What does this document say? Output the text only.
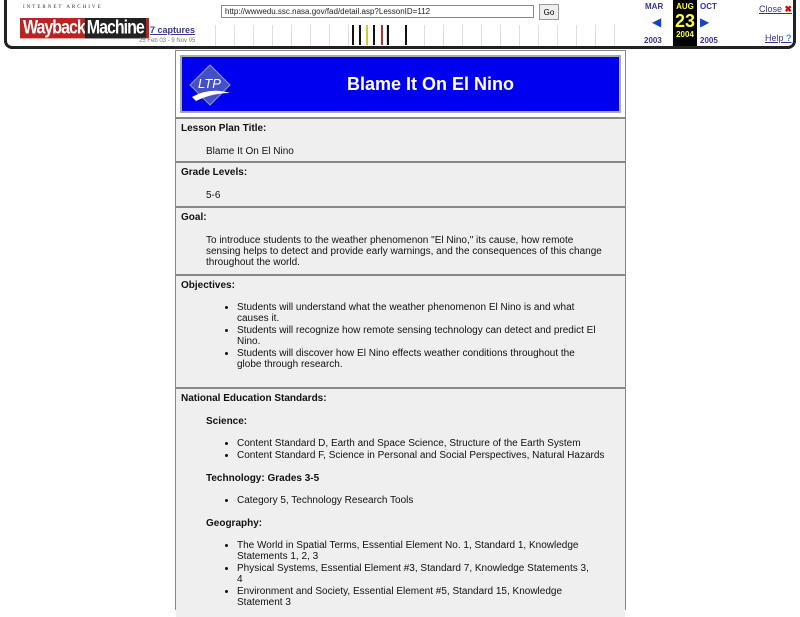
INTERNET ARCHIVE
Wayback Machine 7 captures
25 Feb 03 - 9 Nov 05
http://wwwedu.ssc.nasa.gov/fad/detail.asp?LessonID=112
Go
MAR	OCT
2003	2005
◀	▶
AUG
23
2004
Close ✖
Help ?
LTP	Blame It On El Nino
Lesson Plan Title:
Blame It On El Nino
Grade Levels:
5-6
Goal:
To introduce students to the weather phenomenon "El Nino," its cause, how remote sensing helps to detect and provide early warnings, and the consequences of this change throughout the world.
Objectives:
• Students will understand what the weather phenomenon El Nino is and what causes it.
• Students will recognize how remote sensing technology can detect and predict El Nino.
• Students will discover how El Nino effects weather conditions throughout the globe through research.
National Education Standards:
Science:
• Content Standard D, Earth and Space Science, Structure of the Earth System
• Content Standard F, Science in Personal and Social Perspectives, Natural Hazards
Technology: Grades 3-5
• Category 5, Technology Research Tools
Geography:
• The World in Spatial Terms, Essential Element No. 1, Standard 1, Knowledge Statements 1, 2, 3
• Physical Systems, Essential Element #3, Standard 7, Knowledge Statements 3, 4
• Environment and Society, Essential Element #5, Standard 15, Knowledge Statement 3
